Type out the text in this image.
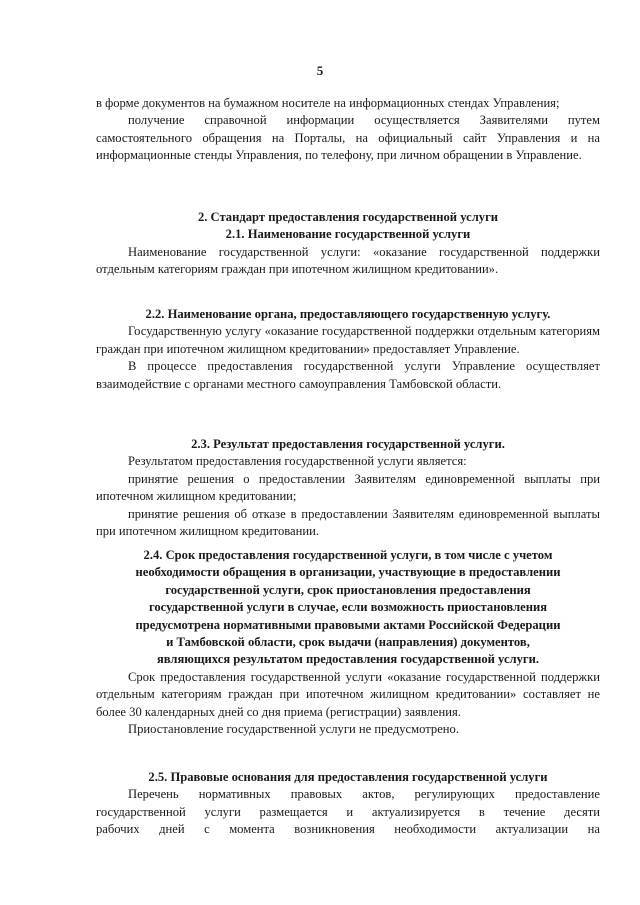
5

в форме документов на бумажном носителе на информационных стендах Управления;

получение справочной информации осуществляется Заявителями путем самостоятельного обращения на Порталы, на официальный сайт Управления и на информационные стенды Управления, по телефону, при личном обращении в Управление.

2. Стандарт предоставления государственной услуги

2.1. Наименование государственной услуги

Наименование государственной услуги: «оказание государственной поддержки отдельным категориям граждан при ипотечном жилищном кредитовании».

2.2. Наименование органа, предоставляющего государственную услугу.

Государственную услугу «оказание государственной поддержки отдельным категориям граждан при ипотечном жилищном кредитовании» предоставляет Управление.

В процессе предоставления государственной услуги Управление осуществляет взаимодействие с органами местного самоуправления Тамбовской области.

2.3. Результат предоставления государственной услуги.

Результатом предоставления государственной услуги является:

принятие решения о предоставлении Заявителям единовременной выплаты при ипотечном жилищном кредитовании;

принятие решения об отказе в предоставлении Заявителям единовременной выплаты при ипотечном жилищном кредитовании.

2.4. Срок предоставления государственной услуги, в том числе с учетом
необходимости обращения в организации, участвующие в предоставлении
государственной услуги, срок приостановления предоставления
государственной услуги в случае, если возможность приостановления
предусмотрена нормативными правовыми актами Российской Федерации
и Тамбовской области, срок выдачи (направления) документов,
являющихся результатом предоставления государственной услуги.

Срок предоставления государственной услуги «оказание государственной поддержки отдельным категориям граждан при ипотечном жилищном кредитовании» составляет не более 30 календарных дней со дня приема (регистрации) заявления.

Приостановление государственной услуги не предусмотрено.

2.5. Правовые основания для предоставления государственной услуги

Перечень нормативных правовых актов, регулирующих предоставление
государственной услуги размещается и актуализируется в течение десяти
рабочих дней с момента возникновения необходимости актуализации на
